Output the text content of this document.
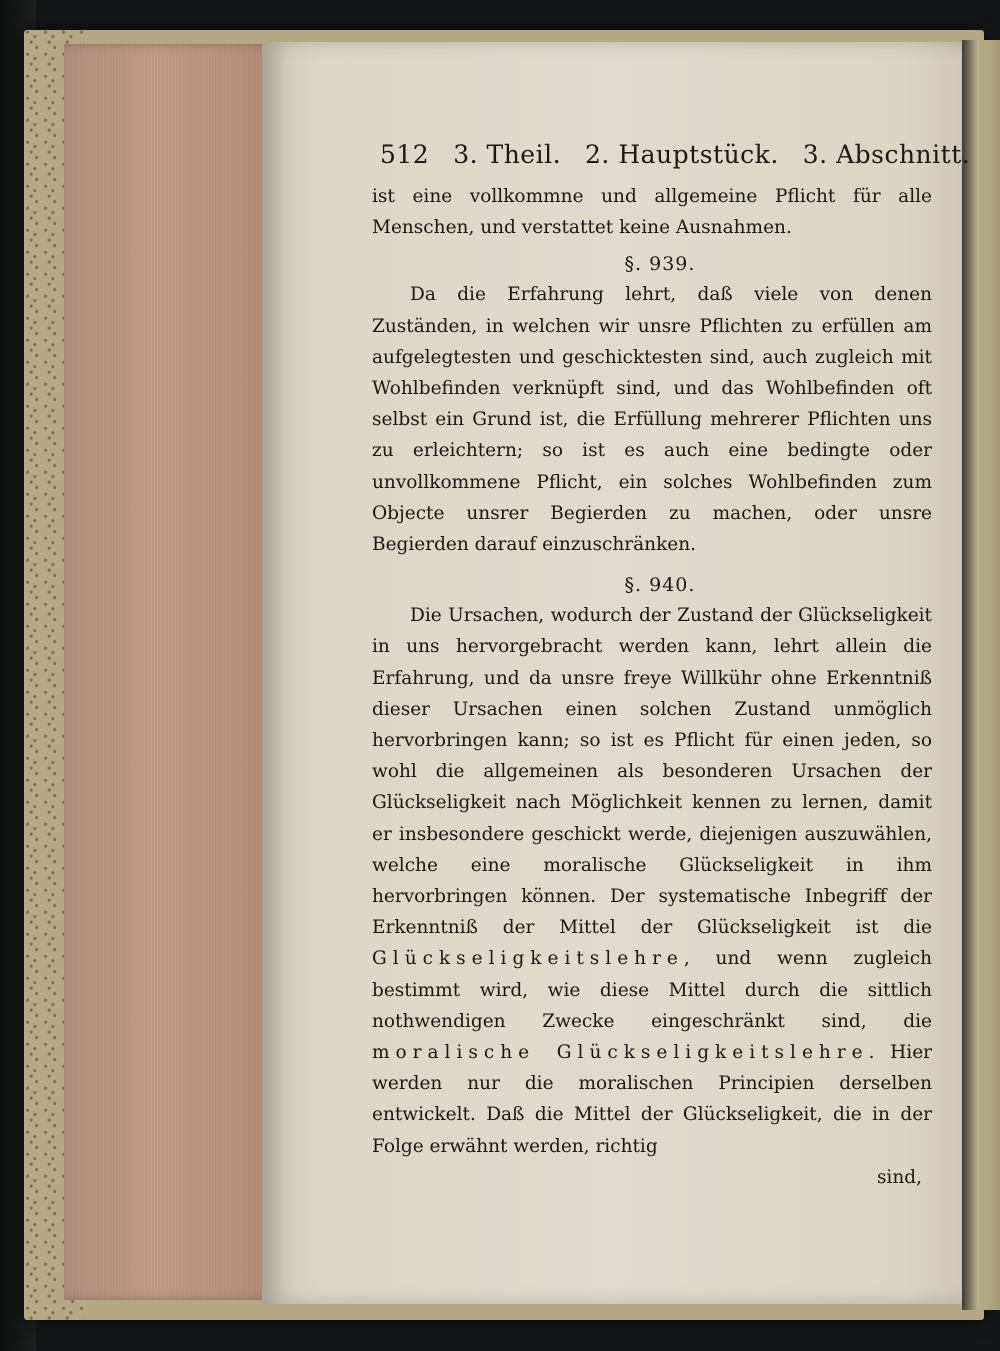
512 3. Theil. 2. Hauptstück. 3. Abschnitt.

ist eine vollkommne und allgemeine Pflicht für alle Menschen, und verstattet keine Ausnahmen.

§. 939.

Da die Erfahrung lehrt, daß viele von denen Zuständen, in welchen wir unsre Pflichten zu erfüllen am aufgelegtesten und geschicktesten sind, auch zugleich mit Wohlbefinden verknüpft sind, und das Wohlbefinden oft selbst ein Grund ist, die Erfüllung mehrerer Pflichten uns zu erleichtern; so ist es auch eine bedingte oder unvollkommene Pflicht, ein solches Wohlbefinden zum Objecte unsrer Begierden zu machen, oder unsre Begierden darauf einzuschränken.

§. 940.

Die Ursachen, wodurch der Zustand der Glückseligkeit in uns hervorgebracht werden kann, lehrt allein die Erfahrung, und da unsre freye Willkühr ohne Erkenntniß dieser Ursachen einen solchen Zustand unmöglich hervorbringen kann; so ist es Pflicht für einen jeden, so wohl die allgemeinen als besonderen Ursachen der Glückseligkeit nach Möglichkeit kennen zu lernen, damit er insbesondere geschickt werde, diejenigen auszuwählen, welche eine moralische Glückseligkeit in ihm hervorbringen können. Der systematische Inbegriff der Erkenntniß der Mittel der Glückseligkeit ist die Glückseligkeitslehre, und wenn zugleich bestimmt wird, wie diese Mittel durch die sittlich nothwendigen Zwecke eingeschränkt sind, die moralische Glückseligkeitslehre. Hier werden nur die moralischen Principien derselben entwickelt. Daß die Mittel der Glückseligkeit, die in der Folge erwähnt werden, richtig

sind,
